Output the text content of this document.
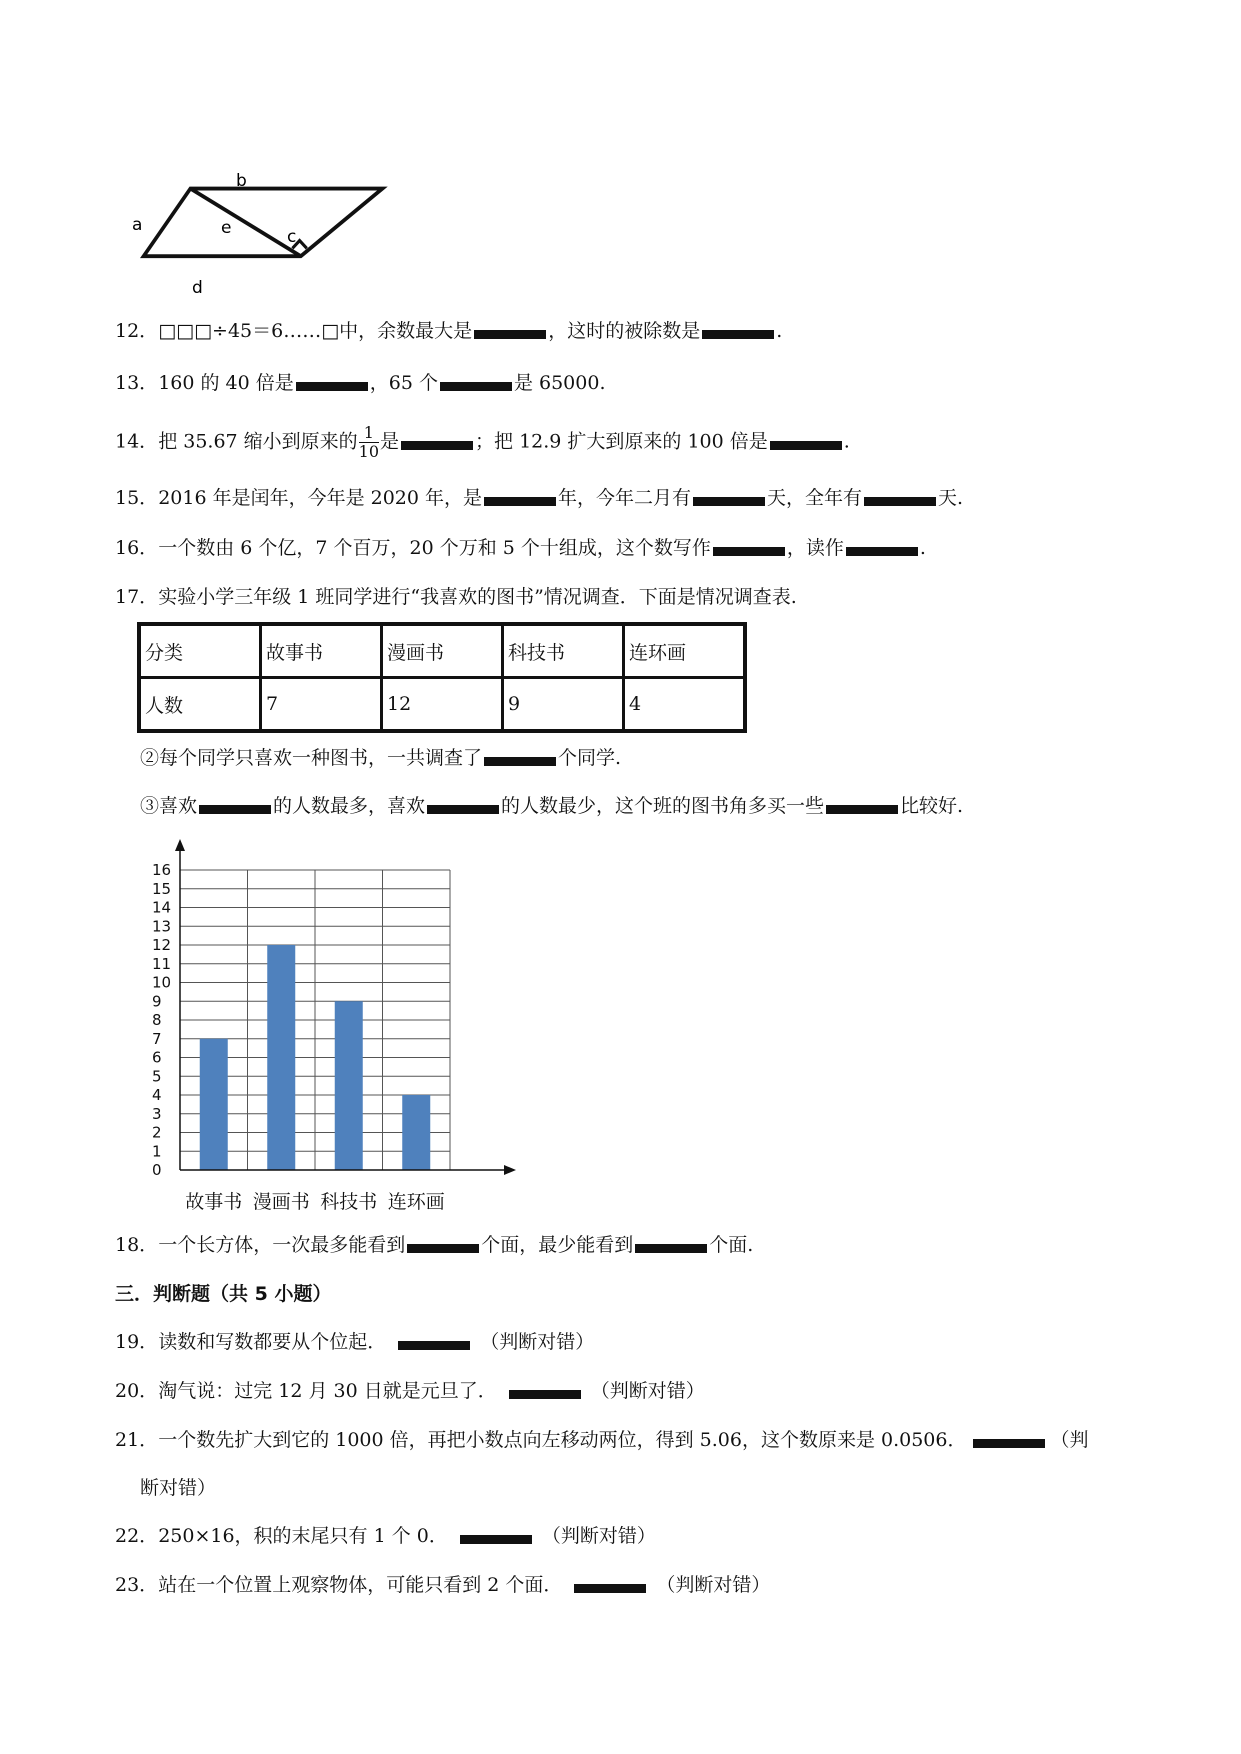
b
a	e	c
d
12．□□□÷45＝6……□中，余数最大是	，这时的被除数是	.
13．160 的 40 倍是	，65 个	是 65000.
14．把 35.67 缩小到原来的 $\frac{1}{10}$ 是	；把 12.9 扩大到原来的 100 倍是	.
15．2016 年是闰年，今年是 2020 年，是	年，今年二月有	天，全年有	天.
16．一个数由 6 个亿，7 个百万，20 个万和 5 个十组成，这个数写作	，读作	.
17．实验小学三年级 1 班同学进行“我喜欢的图书”情况调查．下面是情况调查表.
分类	故事书	漫画书	科技书	连环画
人数	7	12	9	4
②每个同学只喜欢一种图书，一共调查了	个同学.
③喜欢	的人数最多，喜欢	的人数最少，这个班的图书角多买一些	比较好.
0
1
2
3
4
5
6
7
8
9
10
11
12
13
14
15
16
故事书 漫画书 科技书 连环画
18．一个长方体，一次最多能看到	个面，最少能看到	个面.
三．判断题（共 5 小题）
19．读数和写数都要从个位起．	（判断对错）
20．淘气说：过完 12 月 30 日就是元旦了．	（判断对错）
21．一个数先扩大到它的 1000 倍，再把小数点向左移动两位，得到 5.06，这个数原来是 0.0506．	（判
断对错）
22．250×16，积的末尾只有 1 个 0．	（判断对错）
23．站在一个位置上观察物体，可能只看到 2 个面．	（判断对错）
